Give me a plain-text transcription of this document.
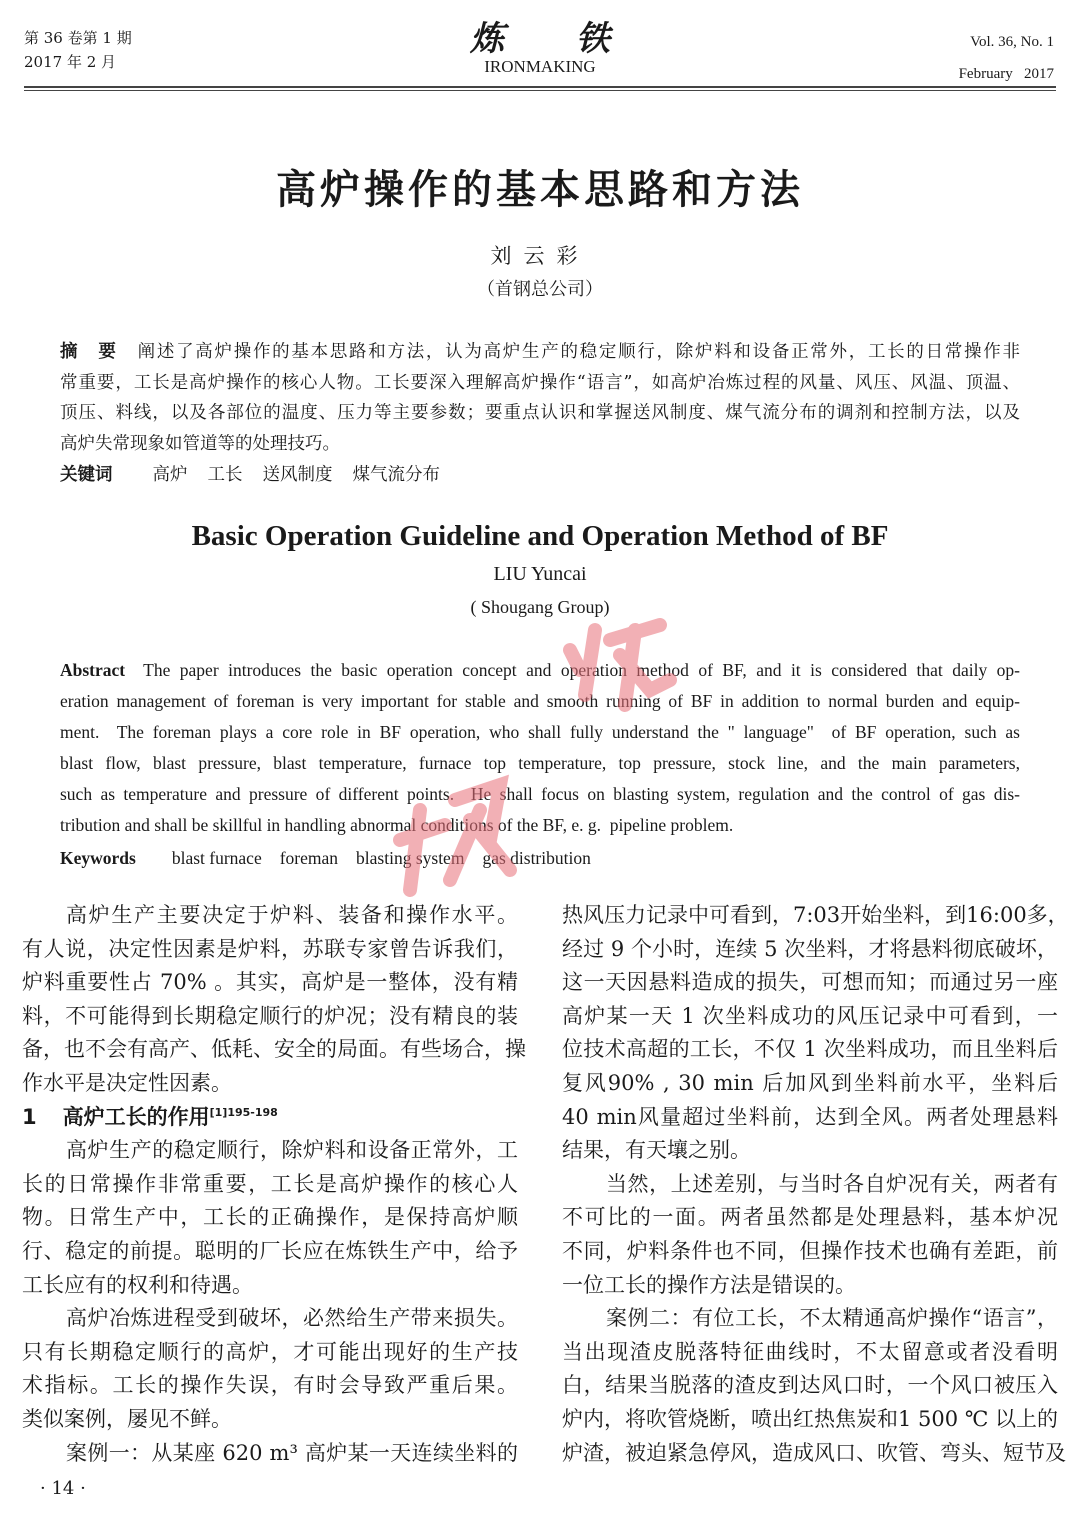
第 36 卷第 1 期
2017 年 2 月
炼 铁
IRONMAKING
Vol. 36, No. 1
February   2017
高炉操作的基本思路和方法
刘云彩
（首钢总公司）
摘　要 阐述了高炉操作的基本思路和方法，认为高炉生产的稳定顺行，除炉料和设备正常外，工长的日常操作非
常重要，工长是高炉操作的核心人物。工长要深入理解高炉操作“语言”，如高炉冶炼过程的风量、风压、风温、顶温、
顶压、料线，以及各部位的温度、压力等主要参数；要重点认识和掌握送风制度、煤气流分布的调剂和控制方法，以及
高炉失常现象如管道等的处理技巧。
关键词 高炉 工长 送风制度 煤气流分布
Basic Operation Guideline and Operation Method of BF
LIU Yuncai
( Shougang Group)
Abstract The paper introduces the basic operation concept and operation method of BF, and it is considered that daily op-
eration management of foreman is very important for stable and smooth running of BF in addition to normal burden and equip-
ment.  The foreman plays a core role in BF operation, who shall fully understand the " language"  of BF operation, such as
blast flow, blast pressure, blast temperature, furnace top temperature, top pressure, stock line, and the main parameters,
such as temperature and pressure of different points.  He shall focus on blasting system, regulation and the control of gas dis-
tribution and shall be skillful in handling abnormal conditions of the BF, e. g.  pipeline problem.
Keywords blast furnace foreman blasting system gas distribution
高炉生产主要决定于炉料、装备和操作水平。
有人说，决定性因素是炉料，苏联专家曾告诉我们，
炉料重要性占 70% 。其实，高炉是一整体，没有精
料，不可能得到长期稳定顺行的炉况；没有精良的装
备，也不会有高产、低耗、安全的局面。有些场合，操
作水平是决定性因素。
1 高炉工长的作用$^{[1]195-198}$
高炉生产的稳定顺行，除炉料和设备正常外，工
长的日常操作非常重要，工长是高炉操作的核心人
物。日常生产中，工长的正确操作，是保持高炉顺
行、稳定的前提。聪明的厂长应在炼铁生产中，给予
工长应有的权利和待遇。
高炉冶炼进程受到破坏，必然给生产带来损失。
只有长期稳定顺行的高炉，才可能出现好的生产技
术指标。工长的操作失误，有时会导致严重后果。
类似案例，屡见不鲜。
案例一：从某座 620 m³ 高炉某一天连续坐料的
热风压力记录中可看到，7:03开始坐料，到16:00多，
经过 9 个小时，连续 5 次坐料，才将悬料彻底破坏，
这一天因悬料造成的损失，可想而知；而通过另一座
高炉某一天 1 次坐料成功的风压记录中可看到，一
位技术高超的工长，不仅 1 次坐料成功，而且坐料后
复风90% , 30 min 后加风到坐料前水平，坐料后
40 min风量超过坐料前，达到全风。两者处理悬料
结果，有天壤之别。
当然，上述差别，与当时各自炉况有关，两者有
不可比的一面。两者虽然都是处理悬料，基本炉况
不同，炉料条件也不同，但操作技术也确有差距，前
一位工长的操作方法是错误的。
案例二：有位工长，不太精通高炉操作“语言”，
当出现渣皮脱落特征曲线时，不太留意或者没看明
白，结果当脱落的渣皮到达风口时，一个风口被压入
炉内，将吹管烧断，喷出红热焦炭和1 500 ℃ 以上的
炉渣，被迫紧急停风，造成风口、吹管、弯头、短节及
· 14 ·
